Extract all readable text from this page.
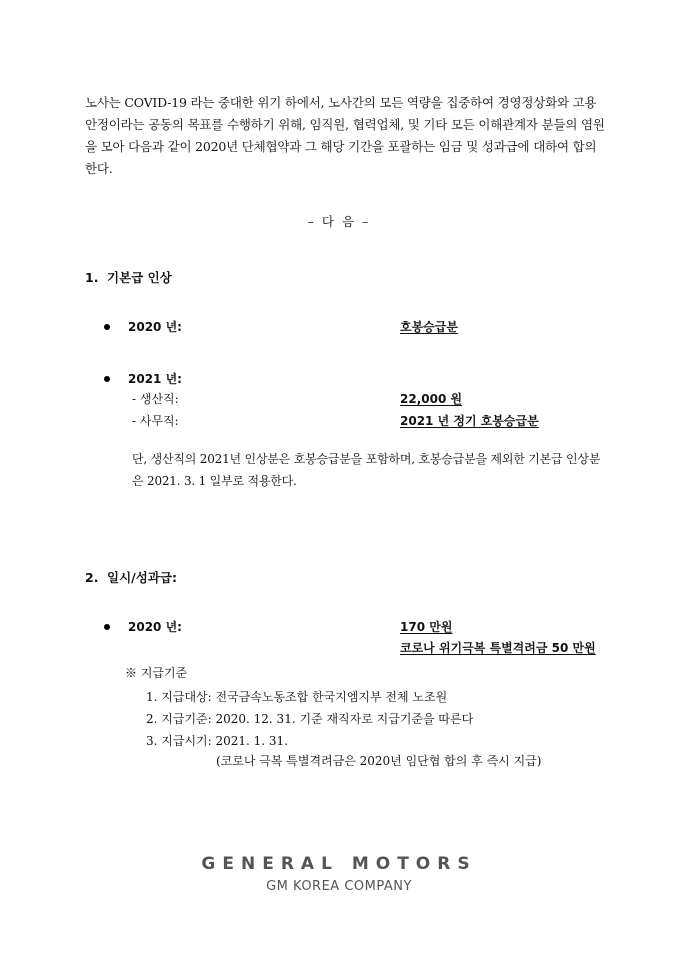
노사는 COVID-19 라는 중대한 위기 하에서, 노사간의 모든 역량을 집중하여 경영정상화와 고용안정이라는 공동의 목표를 수행하기 위해, 임직원, 협력업체, 및 기타 모든 이해관계자 분들의 염원을 모아 다음과 같이 2020년 단체협약과 그 해당 기간을 포괄하는 임금 및 성과급에 대하여 합의한다.
– 다 음 –
1. 기본급 인상
2020 년:	호봉승급분
2021 년:
- 생산직:	22,000 원
- 사무직:	2021 년 정기 호봉승급분
단, 생산직의 2021년 인상분은 호봉승급분을 포함하며, 호봉승급분을 제외한 기본급 인상분은 2021. 3. 1 일부로 적용한다.
2. 일시/성과급:
2020 년:	170 만원
코로나 위기극복 특별격려금 50 만원
※ 지급기준
1. 지급대상: 전국금속노동조합 한국지엠지부 전체 노조원
2. 지급기준: 2020. 12. 31. 기준 재직자로 지급기준을 따른다
3. 지급시기: 2021. 1. 31.
(코로나 극복 특별격려금은 2020년 임단협 합의 후 즉시 지급)
GENERAL MOTORS
GM KOREA COMPANY
